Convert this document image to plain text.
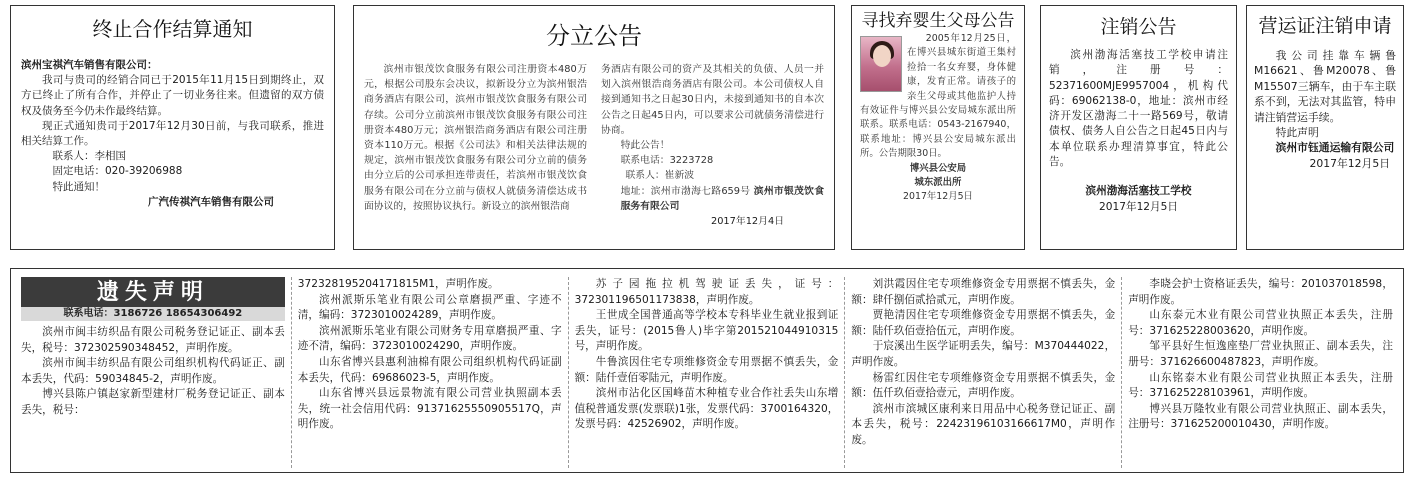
终止合作结算通知
滨州宝祺汽车销售有限公司：
我司与贵司的经销合同已于2015年11月15日到期终止，双方已终止了所有合作，并停止了一切业务往来。但遗留的双方债权及债务至今仍未作最终结算。
现正式通知贵司于2017年12月30日前，与我司联系，推进相关结算工作。
联系人：李相国
固定电话：020-39206988
特此通知！
广汽传祺汽车销售有限公司
分立公告
滨州市银茂饮食服务有限公司注册资本480万元，根据公司股东会决议，拟新设分立为滨州银浩商务酒店有限公司，滨州市银茂饮食服务有限公司存续。公司分立前滨州市银茂饮食服务有限公司注册资本480万元；滨州银浩商务酒店有限公司注册资本110万元。根据《公司法》和相关法律法规的规定，滨州市银茂饮食服务有限公司分立前的债务由分立后的公司承担连带责任，若滨州市银茂饮食服务有限公司在分立前与债权人就债务清偿达成书面协议的，按照协议执行。新设立的滨州银浩商
务酒店有限公司的资产及其相关的负债、人员一并划入滨州银浩商务酒店有限公司。本公司债权人自接到通知书之日起30日内，未接到通知书的自本次公告之日起45日内，可以要求公司就债务清偿进行协商。
特此公告！
联系电话：3223728
联系人：崔新波
地址：滨州市渤海七路659号 滨州市银茂饮食服务有限公司
2017年12月4日
寻找弃婴生父母公告
2005年12月25日，在博兴县城东街道王集村捡拾一名女弃婴，身体健康，发育正常。请孩子的亲生父母或其他监护人持有效证件与博兴县公安局城东派出所联系。联系电话：0543-2167940，联系地址：博兴县公安局城东派出所。公告期限30日。
博兴县公安局
城东派出所
2017年12月5日
注销公告
滨州渤海活塞技工学校申请注销，注册号：52371600MJE9957004，机构代码：69062138-0，地址：滨州市经济开发区渤海二十一路569号，敬请债权、债务人自公告之日起45日内与本单位联系办理清算事宜，特此公告。
滨州渤海活塞技工学校
2017年12月5日
营运证注销申请
我公司挂靠车辆鲁M16621、鲁M20078、鲁M15507三辆车，由于车主联系不到，无法对其监管，特申请注销营运手续。
特此声明
滨州市钰通运输有限公司
2017年12月5日
遗失声明
联系电话：3186726 18654306492
滨州市闽丰纺织品有限公司税务登记证正、副本丢失，税号：372302590348452，声明作废。
滨州市闽丰纺织品有限公司组织机构代码证正、副本丢失，代码：59034845-2，声明作废。
博兴县陈户镇赵家新型建材厂税务登记证正、副本丢失，税号：
372328195204171815M1，声明作废。
滨州派斯乐笔业有限公司公章磨损严重、字迹不清，编码：3723010024289，声明作废。
滨州派斯乐笔业有限公司财务专用章磨损严重、字迹不清，编码：3723010024290，声明作废。
山东省博兴县惠利油棉有限公司组织机构代码证副本丢失，代码：69686023-5，声明作废。
山东省博兴县远景物流有限公司营业执照副本丢失，统一社会信用代码：91371625550905517Q，声明作废。
苏子园拖拉机驾驶证丢失，证号：372301196501173838，声明作废。
王世成全国普通高等学校本专科毕业生就业报到证丢失，证号：(2015鲁人)毕字第201521044910315号，声明作废。
牛鲁滨因住宅专项维修资金专用票据不慎丢失，金额：陆仟壹佰零陆元，声明作废。
滨州市沾化区国峰苗木种植专业合作社丢失山东增值税普通发票(发票联)1张，发票代码：3700164320，发票号码：42526902，声明作废。
刘洪霞因住宅专项维修资金专用票据不慎丢失，金额：肆仟捌佰贰拾贰元，声明作废。
贾艳清因住宅专项维修资金专用票据不慎丢失，金额：陆仟玖佰壹拾伍元，声明作废。
于宸溪出生医学证明丢失，编号：M370444022，声明作废。
杨雷红因住宅专项维修资金专用票据不慎丢失，金额：伍仟玖佰壹拾壹元，声明作废。
滨州市滨城区康利来日用品中心税务登记证正、副本丢失，税号：22423196103166617M0，声明作废。
李晓会护士资格证丢失，编号：201037018598，声明作废。
山东泰元木业有限公司营业执照正本丢失，注册号：371625228003620，声明作废。
邹平县好生恒逸座垫厂营业执照正、副本丢失，注册号：371626600487823，声明作废。
山东铭泰木业有限公司营业执照正本丢失，注册号：371625228103961，声明作废。
博兴县万隆牧业有限公司营业执照正、副本丢失，注册号：371625200010430，声明作废。
